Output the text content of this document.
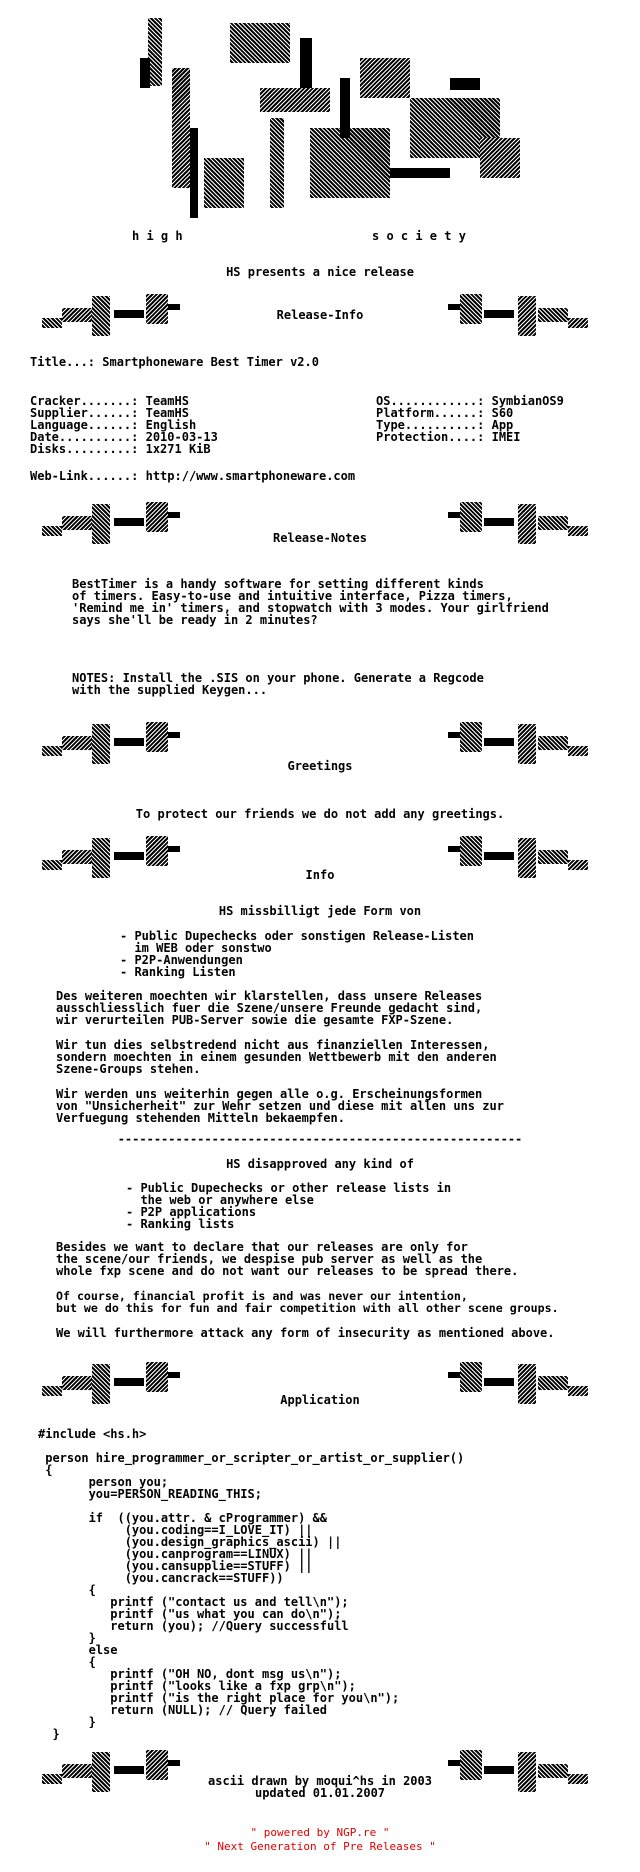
h i g h	s o c i e t y
HS presents a nice release
Release-Info
Title...: Smartphoneware Best Timer v2.0
Cracker.......: TeamHS
Supplier......: TeamHS
Language......: English
Date..........: 2010-03-13
Disks.........: 1x271 KiB
OS............: SymbianOS9
Platform......: S60
Type..........: App
Protection....: IMEI
Web-Link......: http://www.smartphoneware.com
Release-Notes
BestTimer is a handy software for setting different kinds
of timers. Easy-to-use and intuitive interface, Pizza timers,
'Remind me in' timers, and stopwatch with 3 modes. Your girlfriend
says she'll be ready in 2 minutes?
NOTES: Install the .SIS on your phone. Generate a Regcode
with the supplied Keygen...
Greetings
To protect our friends we do not add any greetings.
Info
HS missbilligt jede Form von
- Public Dupechecks oder sonstigen Release-Listen
im WEB oder sonstwo
- P2P-Anwendungen
- Ranking Listen
Des weiteren moechten wir klarstellen, dass unsere Releases
ausschliesslich fuer die Szene/unsere Freunde gedacht sind,
wir verurteilen PUB-Server sowie die gesamte FXP-Szene.
Wir tun dies selbstredend nicht aus finanziellen Interessen,
sondern moechten in einem gesunden Wettbewerb mit den anderen
Szene-Groups stehen.
Wir werden uns weiterhin gegen alle o.g. Erscheinungsformen
von "Unsicherheit" zur Wehr setzen und diese mit allen uns zur
Verfuegung stehenden Mitteln bekaempfen.
--------------------------------------------------------
HS disapproved any kind of
- Public Dupechecks or other release lists in
the web or anywhere else
- P2P applications
- Ranking lists
Besides we want to declare that our releases are only for
the scene/our friends, we despise pub server as well as the
whole fxp scene and do not want our releases to be spread there.
Of course, financial profit is and was never our intention,
but we do this for fun and fair competition with all other scene groups.
We will furthermore attack any form of insecurity as mentioned above.
Application
#include <hs.h>

person hire_programmer_or_scripter_or_artist_or_supplier()
{
person you;
you=PERSON_READING_THIS;

if  ((you.attr. & cProgrammer) &&
(you.coding==I_LOVE_IT) ||
(you.design_graphics_ascii) ||
(you.canprogram==LINUX) ||
(you.cansupplie==STUFF) ||
(you.cancrack==STUFF))
{
printf ("contact us and tell\n");
printf ("us what you can do\n");
return (you); //Query successfull
}
else
{
printf ("OH NO, dont msg us\n");
printf ("looks like a fxp grp\n");
printf ("is the right place for you\n");
return (NULL); // Query failed
}
}
ascii drawn by moqui^hs in 2003
updated 01.01.2007
" powered by NGP.re "
" Next Generation of Pre Releases "
